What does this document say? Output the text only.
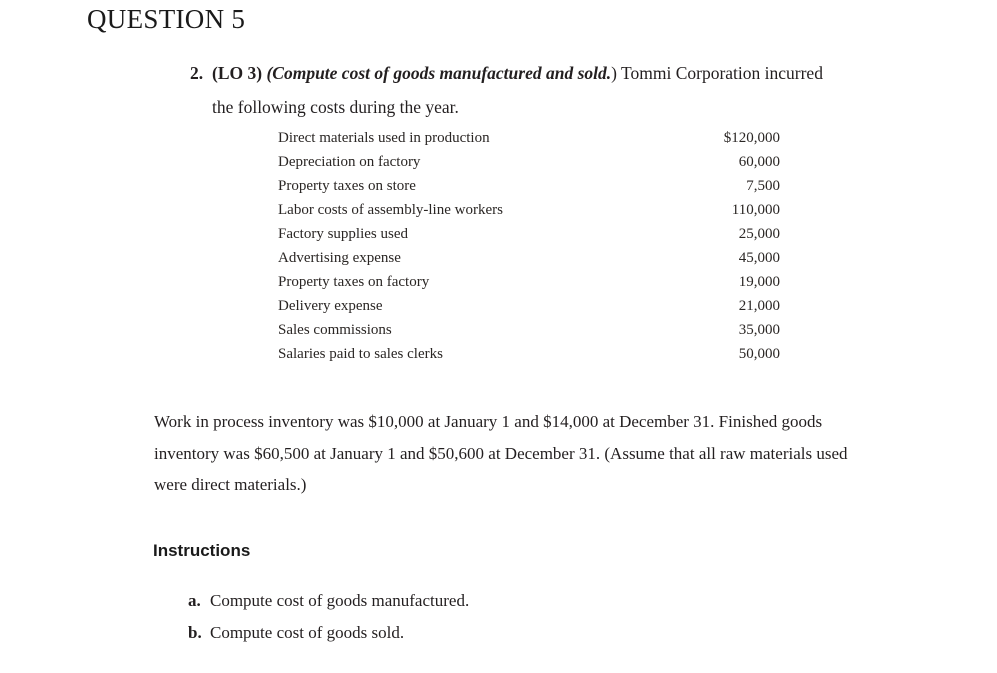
QUESTION 5
2. (LO 3) (Compute cost of goods manufactured and sold.) Tommi Corporation incurred
the following costs during the year.
Direct materials used in production	$120,000
Depreciation on factory	60,000
Property taxes on store	7,500
Labor costs of assembly-line workers	110,000
Factory supplies used	25,000
Advertising expense	45,000
Property taxes on factory	19,000
Delivery expense	21,000
Sales commissions	35,000
Salaries paid to sales clerks	50,000
Work in process inventory was $10,000 at January 1 and $14,000 at December 31. Finished goods inventory was $60,500 at January 1 and $50,600 at December 31. (Assume that all raw materials used were direct materials.)
Instructions
a. Compute cost of goods manufactured.
b. Compute cost of goods sold.
